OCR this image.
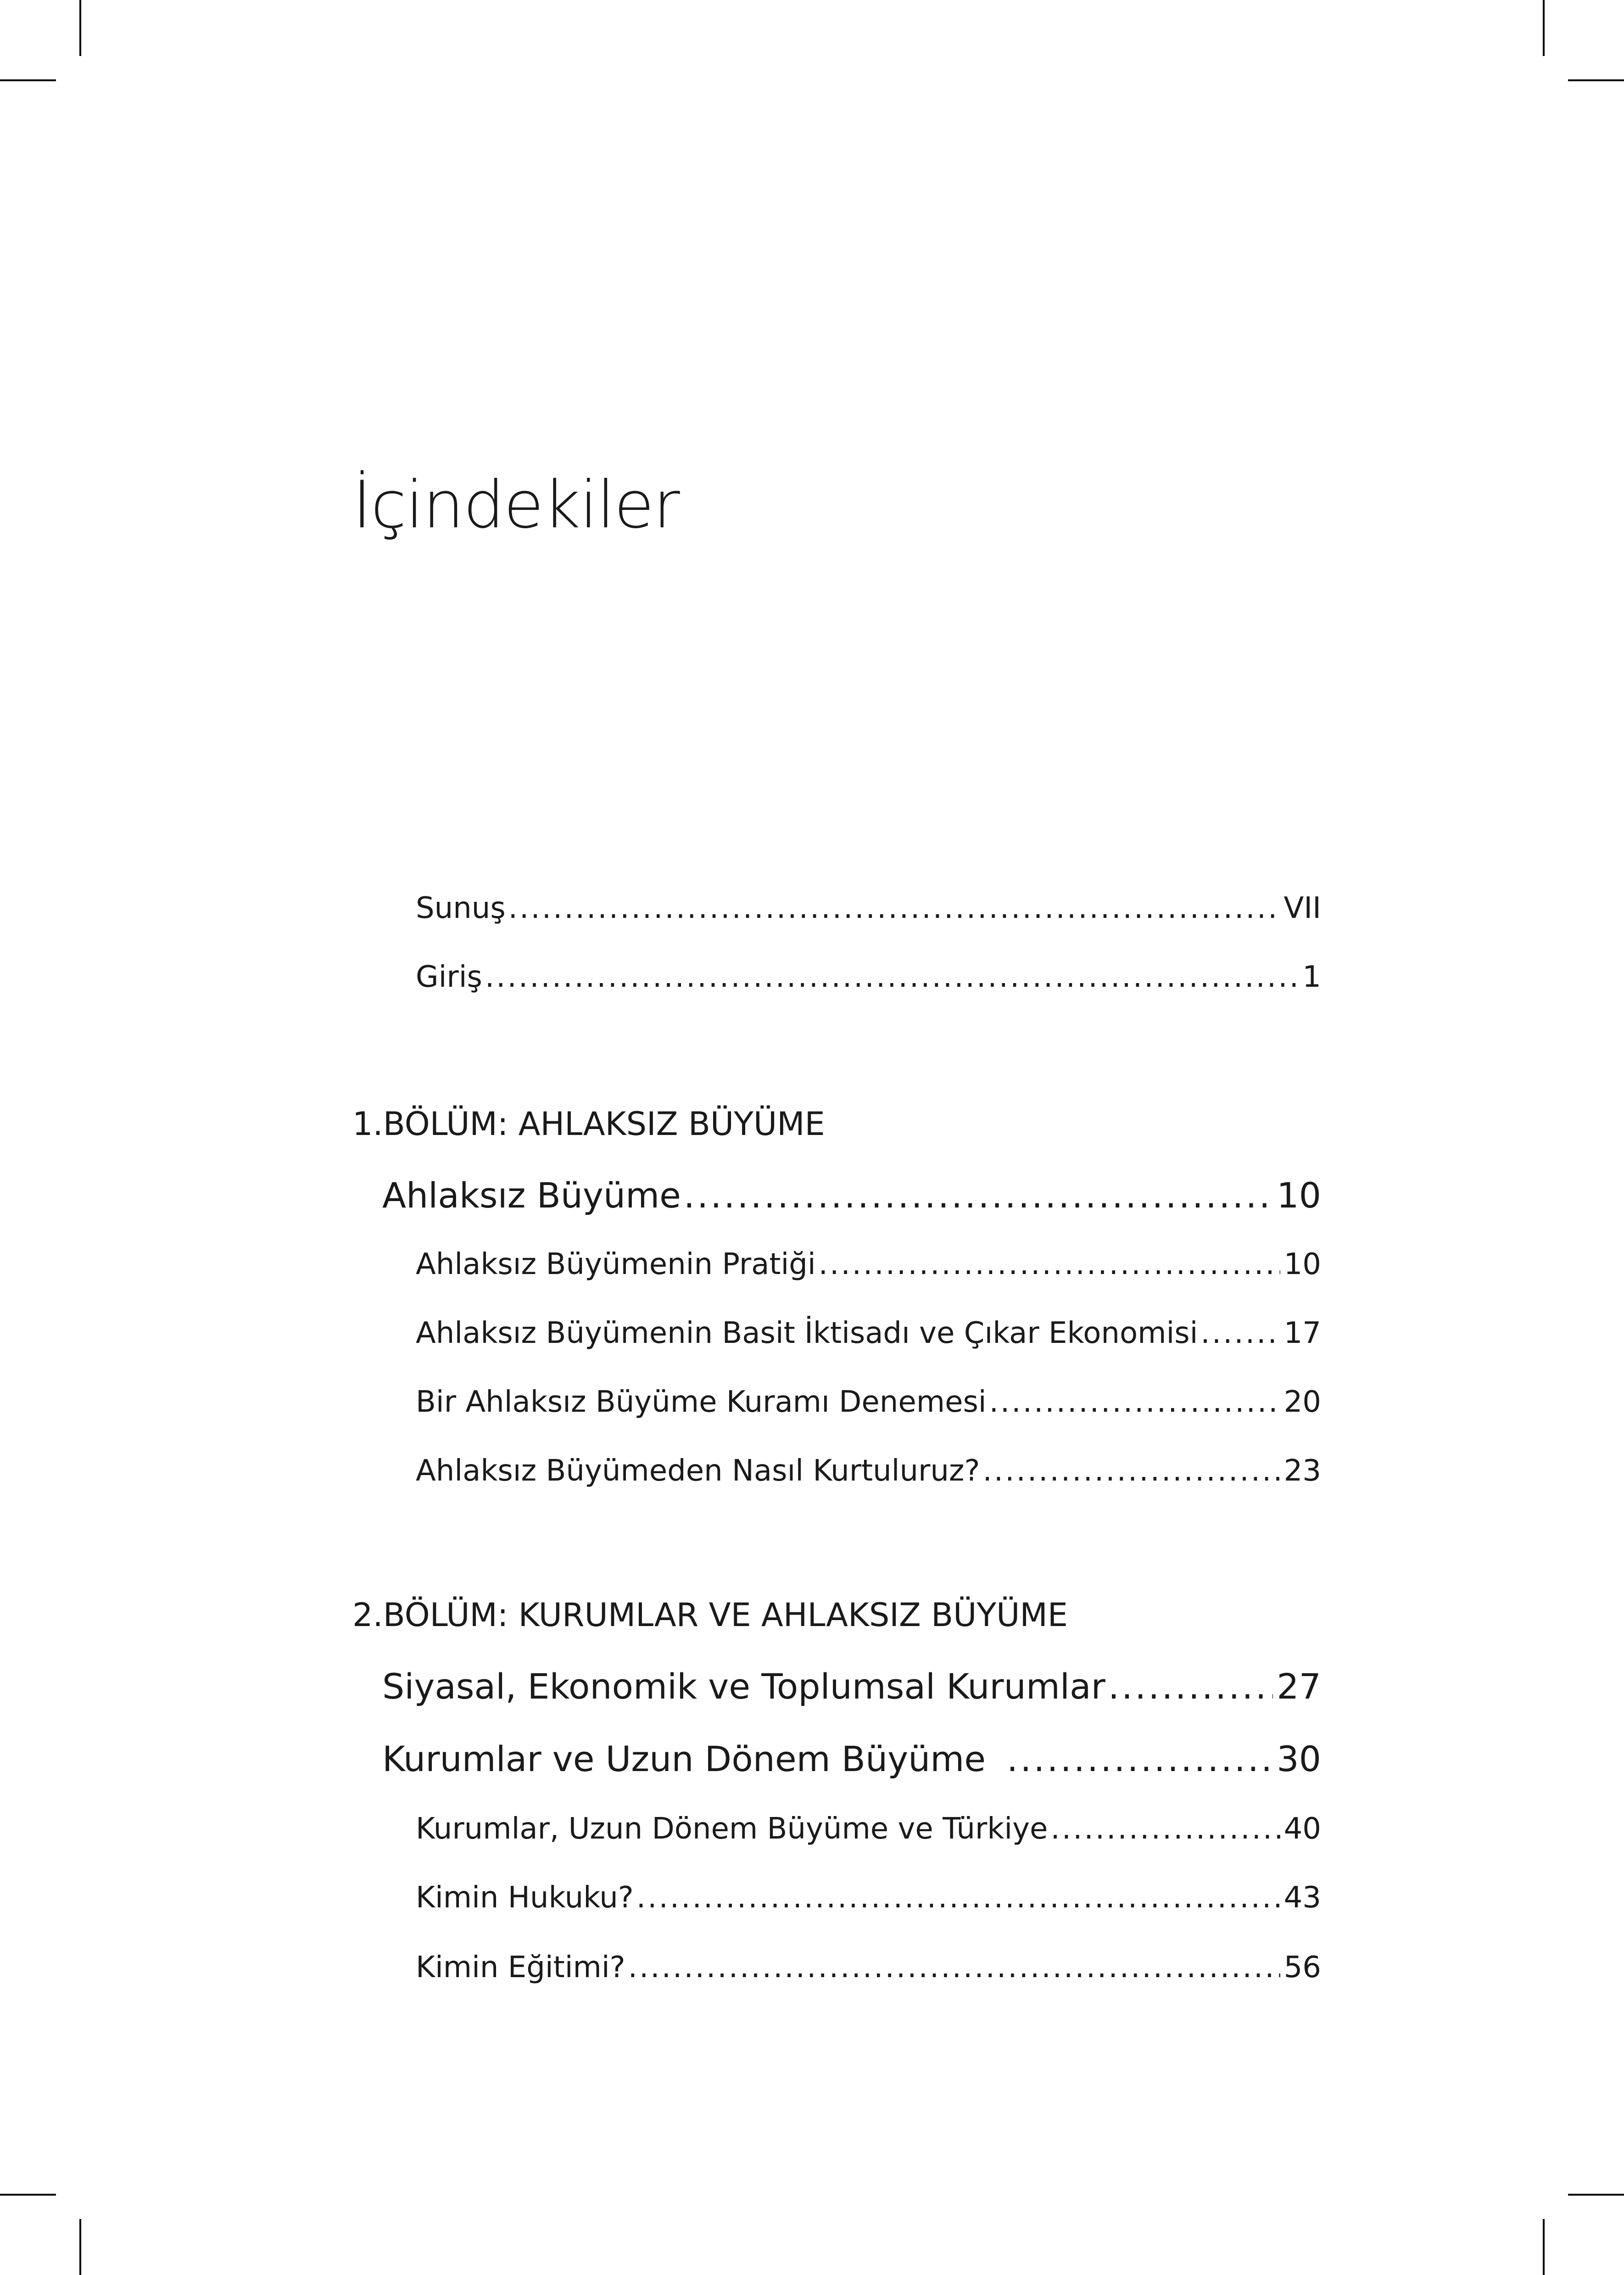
İçindekiler
Sunuş .....	VII
Giriş .....	1
1.BÖLÜM: AHLAKSIZ BÜYÜME
Ahlaksız Büyüme .....	10
Ahlaksız Büyümenin Pratiği .....	10
Ahlaksız Büyümenin Basit İktisadı ve Çıkar Ekonomisi .....	17
Bir Ahlaksız Büyüme Kuramı Denemesi .....	20
Ahlaksız Büyümeden Nasıl Kurtuluruz? .....	23
2.BÖLÜM: KURUMLAR VE AHLAKSIZ BÜYÜME
Siyasal, Ekonomik ve Toplumsal Kurumlar .....	27
Kurumlar ve Uzun Dönem Büyüme .....	30
Kurumlar, Uzun Dönem Büyüme ve Türkiye .....	40
Kimin Hukuku? .....	43
Kimin Eğitimi? .....	56
